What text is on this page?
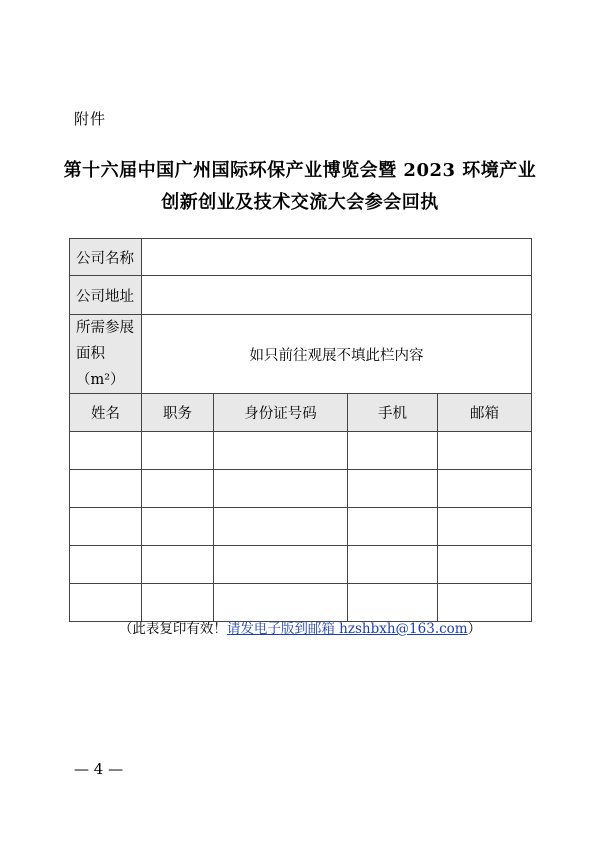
附件
第十六届中国广州国际环保产业博览会暨 2023 环境产业
创新创业及技术交流大会参会回执
公司名称				
公司地址				

所需参展
面积（m²）	如只前往观展不填此栏内容			
姓名	职务	身份证号码	手机	邮箱

（此表复印有效！请发电子版到邮箱 hzshbxh@163.com）
— 4 —
